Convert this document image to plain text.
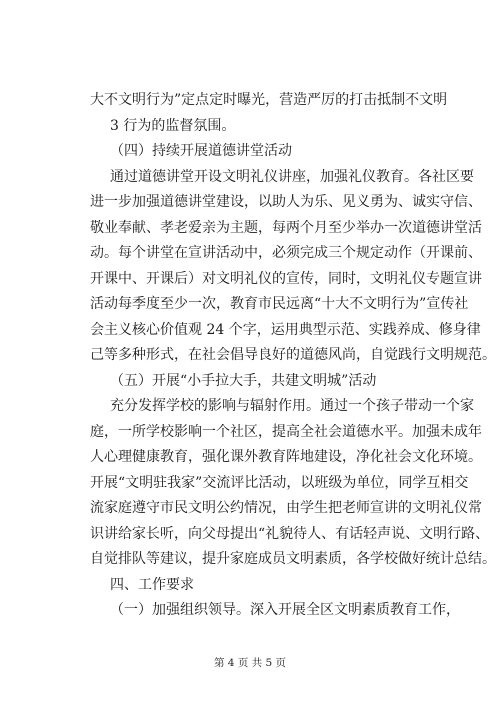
大不文明行为”定点定时曝光，营造严厉的打击抵制不文明
3 行为的监督氛围。
（四）持续开展道德讲堂活动
通过道德讲堂开设文明礼仪讲座，加强礼仪教育。各社区要
进一步加强道德讲堂建设，以助人为乐、见义勇为、诚实守信、
敬业奉献、孝老爱亲为主题，每两个月至少举办一次道德讲堂活
动。每个讲堂在宣讲活动中，必须完成三个规定动作（开课前、
开课中、开课后）对文明礼仪的宣传，同时，文明礼仪专题宣讲
活动每季度至少一次，教育市民远离“十大不文明行为”宣传社
会主义核心价值观 24 个字，运用典型示范、实践养成、修身律
己等多种形式，在社会倡导良好的道德风尚，自觉践行文明规范。
（五）开展“小手拉大手，共建文明城”活动
充分发挥学校的影响与辐射作用。通过一个孩子带动一个家
庭，一所学校影响一个社区，提高全社会道德水平。加强未成年
人心理健康教育，强化课外教育阵地建设，净化社会文化环境。
开展“文明驻我家”交流评比活动，以班级为单位，同学互相交
流家庭遵守市民文明公约情况，由学生把老师宣讲的文明礼仪常
识讲给家长听，向父母提出“礼貌待人、有话轻声说、文明行路、
自觉排队等建议，提升家庭成员文明素质，各学校做好统计总结。
四、工作要求
（一）加强组织领导。深入开展全区文明素质教育工作，
第 4 页 共 5 页
